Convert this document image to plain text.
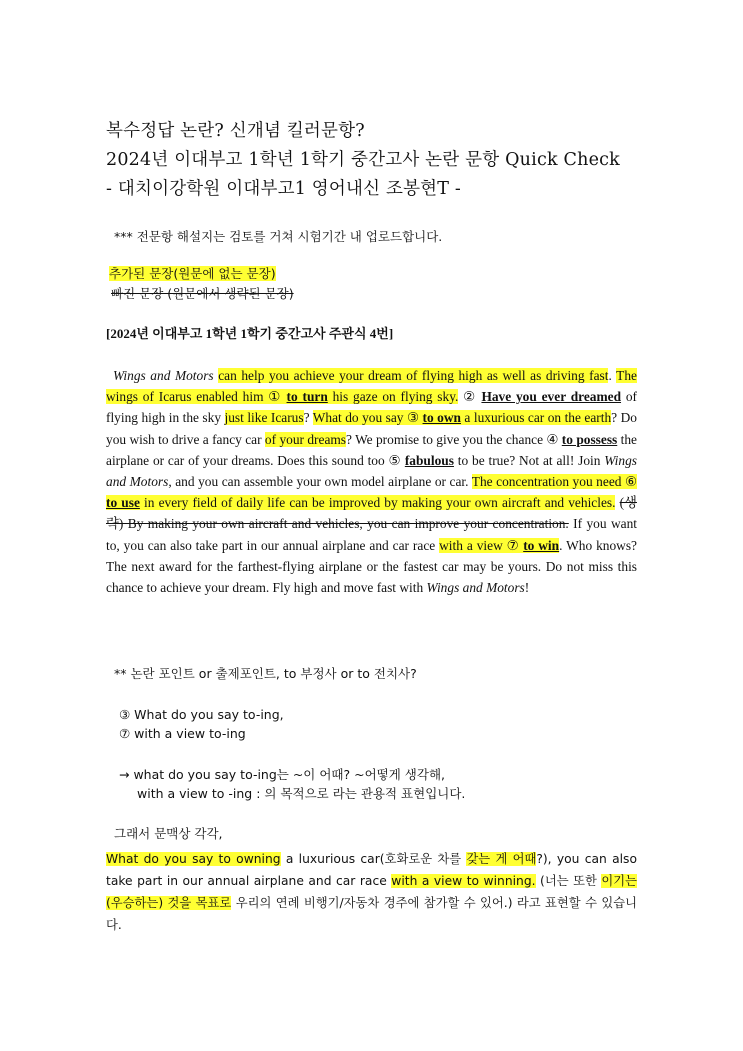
복수정답 논란? 신개념 킬러문항?
2024년 이대부고 1학년 1학기 중간고사 논란 문항 Quick Check
- 대치이강학원 이대부고1 영어내신 조봉현T -
*** 전문항 해설지는 검토를 거쳐 시험기간 내 업로드합니다.
추가된 문장(원문에 없는 문장)
빠진 문장 (원문에서 생략된 문장)
[2024년 이대부고 1학년 1학기 중간고사 주관식 4번]

Wings and Motors can help you achieve your dream of flying high as well as driving fast. The wings of Icarus enabled him ① to turn his gaze on flying sky. ② Have you ever dreamed of flying high in the sky just like Icarus? What do you say ③ to own a luxurious car on the earth? Do you wish to drive a fancy car of your dreams? We promise to give you the chance ④ to possess the airplane or car of your dreams. Does this sound too ⑤ fabulous to be true? Not at all! Join Wings and Motors, and you can assemble your own model airplane or car. The concentration you need ⑥ to use in every field of daily life can be improved by making your own aircraft and vehicles. (생략) By making your own aircraft and vehicles, you can improve your concentration. If you want to, you can also take part in our annual airplane and car race with a view ⑦ to win. Who knows? The next award for the farthest-flying airplane or the fastest car may be yours. Do not miss this chance to achieve your dream. Fly high and move fast with Wings and Motors!

** 논란 포인트 or 출제포인트, to 부정사 or to 전치사?
③ What do you say to-ing,
⑦ with a view to-ing
→ what do you say to-ing는 ~이 어때? ~어떻게 생각해,
with a view to -ing : 의 목적으로 라는 관용적 표현입니다.
그래서 문맥상 각각,

What do you say to owning a luxurious car(호화로운 차를 갖는 게 어때?), you can also take part in our annual airplane and car race with a view to winning. (너는 또한 이기는(우승하는) 것을 목표로 우리의 연례 비행기/자동차 경주에 참가할 수 있어.) 라고 표현할 수 있습니다.
